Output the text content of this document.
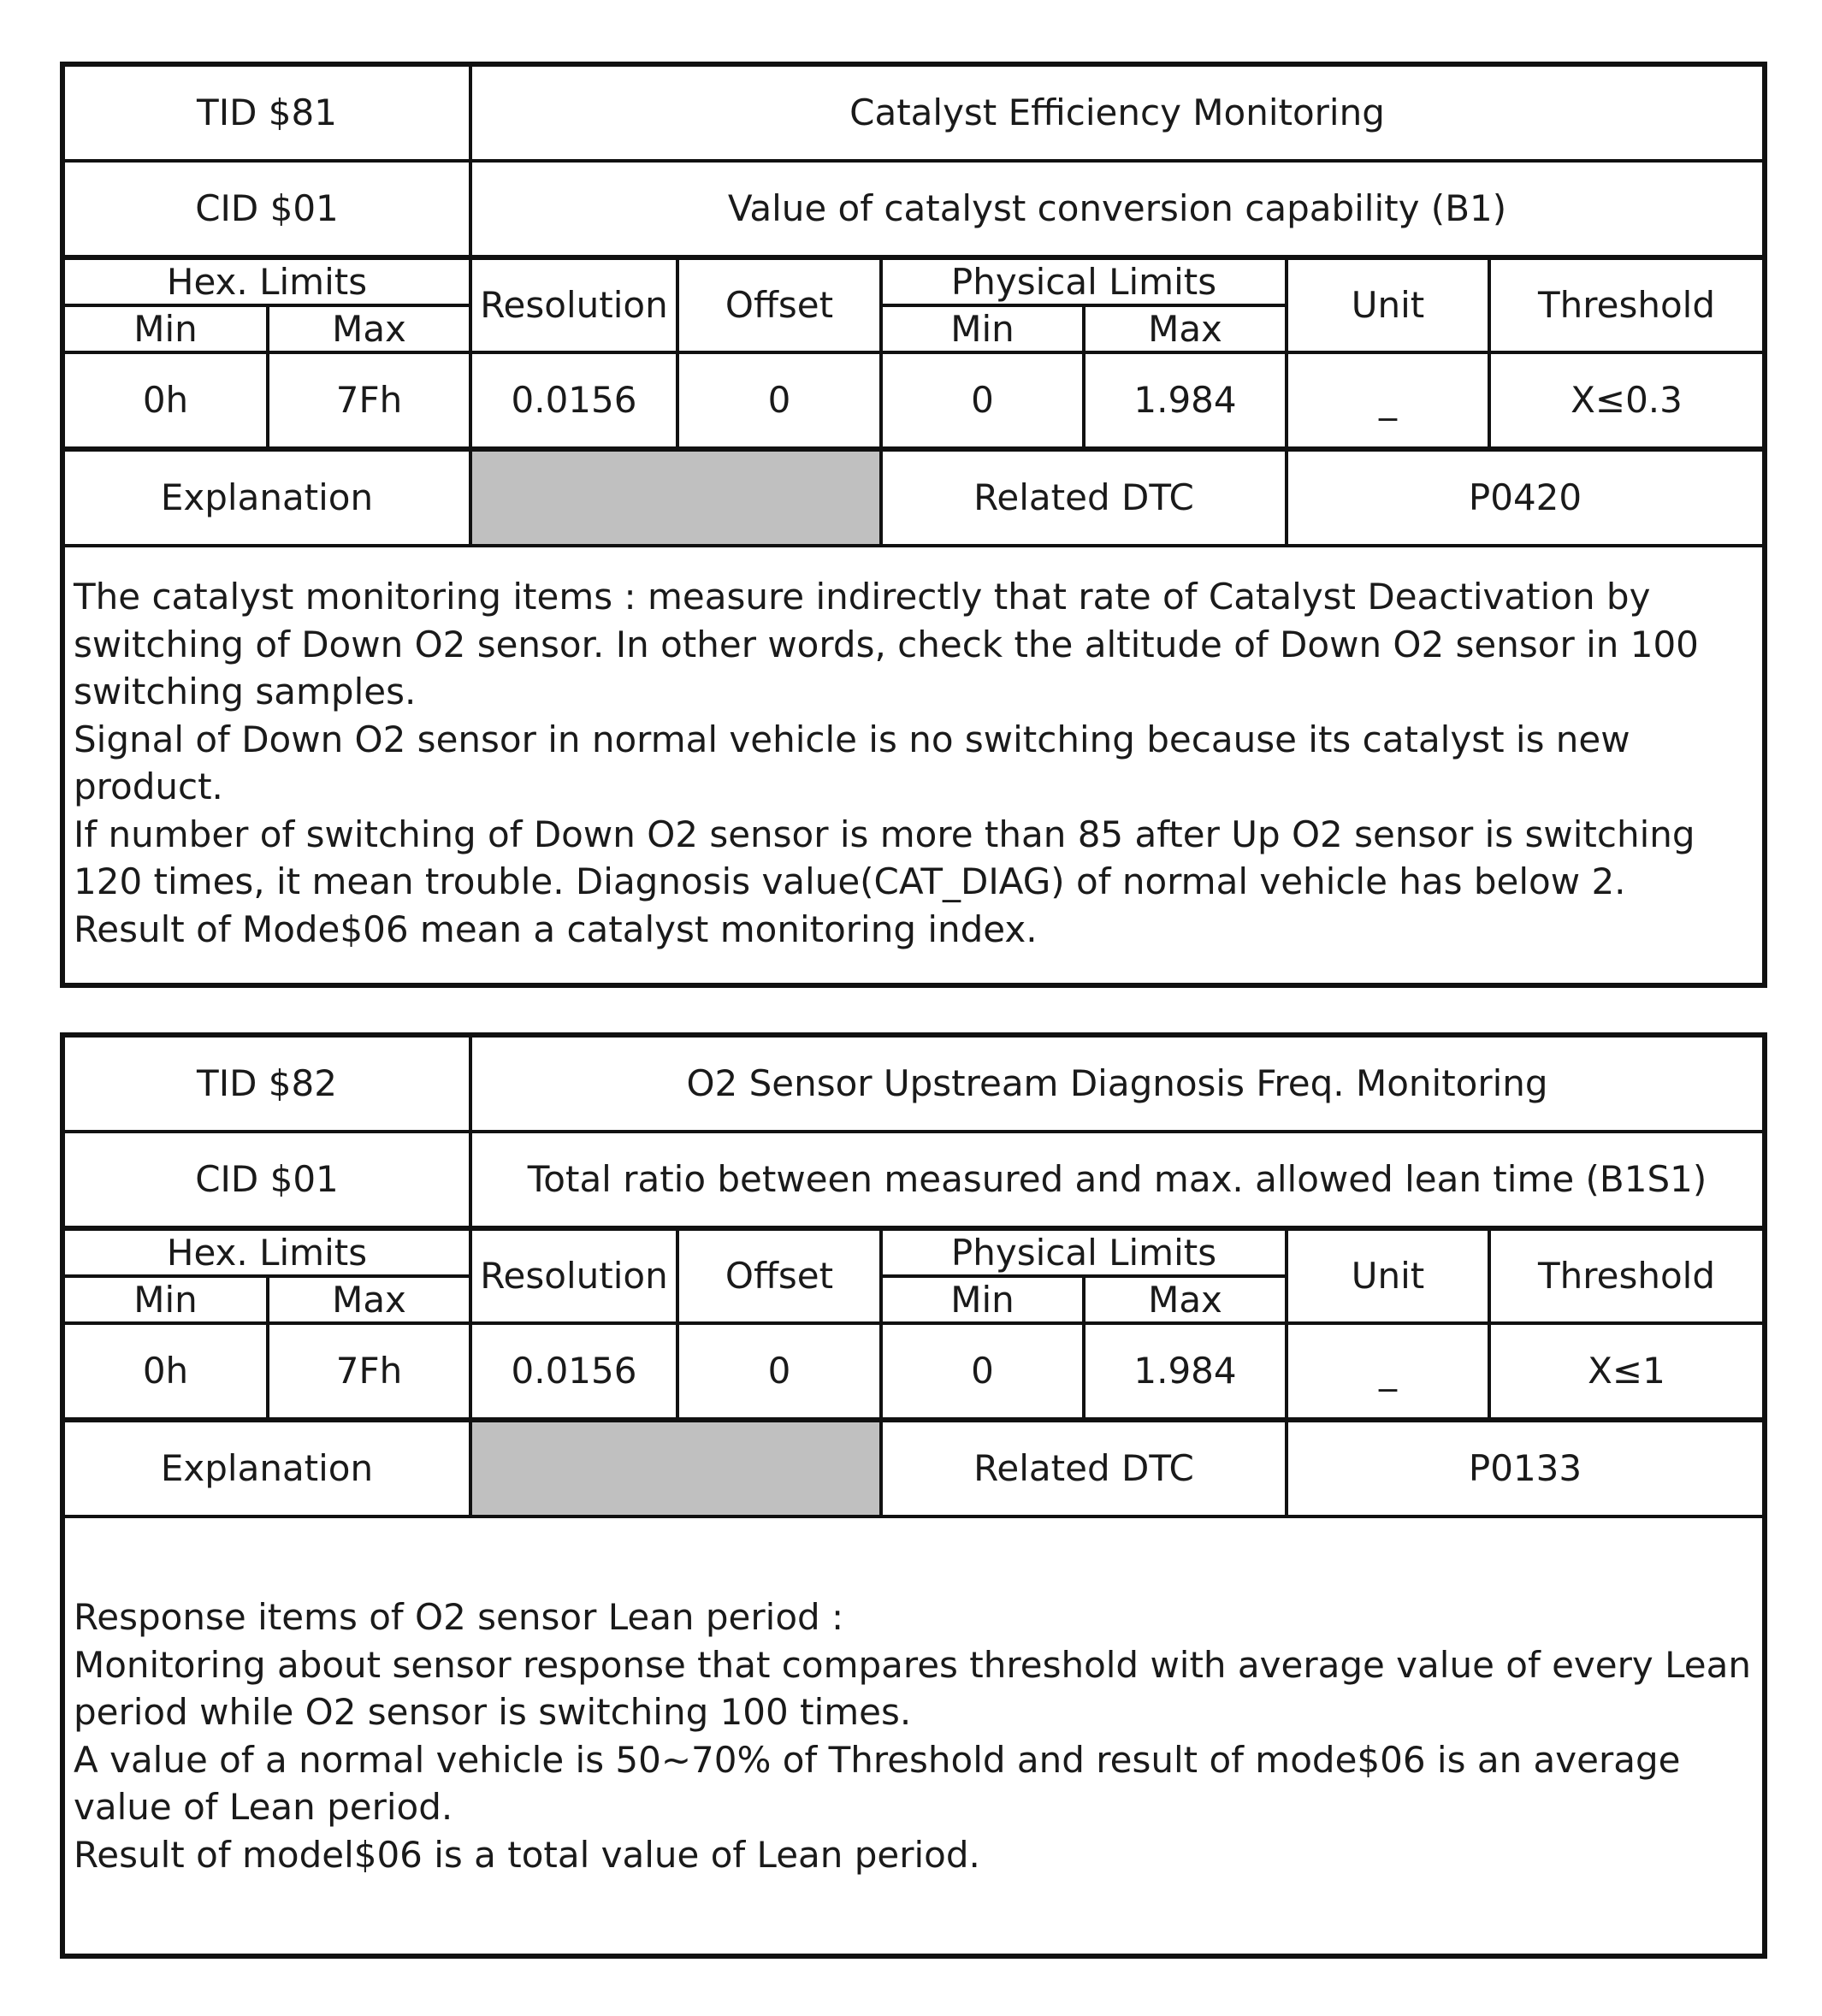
TID $81		Catalyst Efficiency Monitoring					
CID $01		Value of catalyst conversion capability (B1)					
Hex. Limits		Resolution	Offset	Physical Limits		Unit	Threshold
Min	Max			Min	Max		
0h	7Fh	0.0156	0	0	1.984	_	X≤0.3
Explanation				Related DTC		P0420	
The catalyst monitoring items : measure indirectly that rate of Catalyst Deactivation by switching of Down O2 sensor. In other words, check the altitude of Down O2 sensor in 100 switching samples.
Signal of Down O2 sensor in normal vehicle is no switching because its catalyst is new product.
If number of switching of Down O2 sensor is more than 85 after Up O2 sensor is switching 120 times, it mean trouble. Diagnosis value(CAT_DIAG) of normal vehicle has below 2.
Result of Mode$06 mean a catalyst monitoring index.
TID $82		O2 Sensor Upstream Diagnosis Freq. Monitoring					
CID $01		Total ratio between measured and max. allowed lean time (B1S1)					
Hex. Limits		Resolution	Offset	Physical Limits		Unit	Threshold
Min	Max			Min	Max		
0h	7Fh	0.0156	0	0	1.984	_	X≤1
Explanation				Related DTC		P0133	
Response items of O2 sensor Lean period :
Monitoring about sensor response that compares threshold with average value of every Lean period while O2 sensor is switching 100 times.
A value of a normal vehicle is 50~70% of Threshold and result of mode$06 is an average value of Lean period.
Result of model$06 is a total value of Lean period.
